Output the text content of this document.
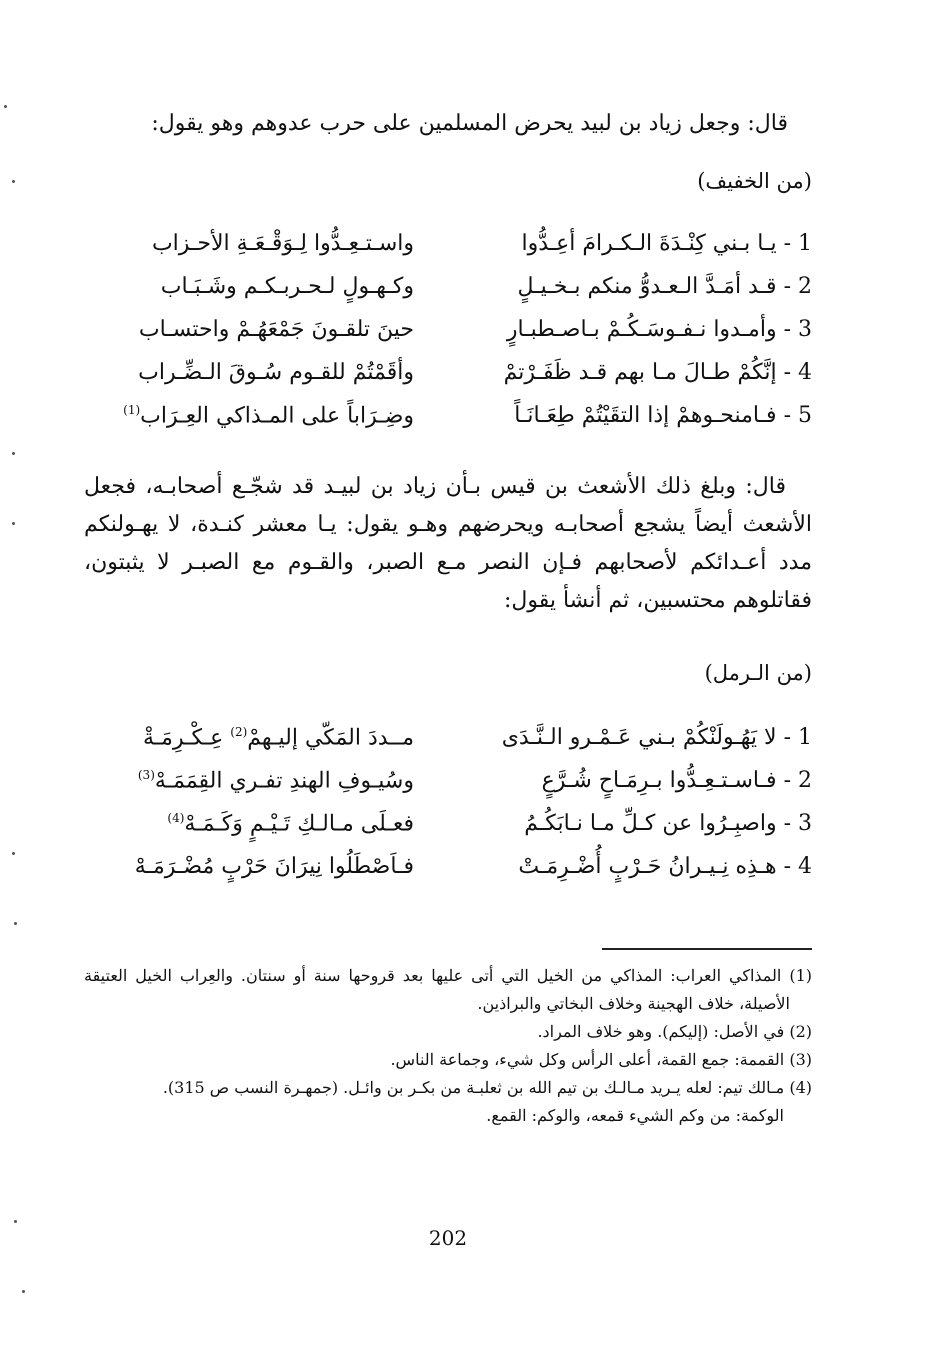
قال: وجعل زياد بن لبيد يحرض المسلمين على حرب عدوهم وهو يقول:

(من الخفيف)

1 - يـا بـني كِنْـدَةَ الـكـرامَ أعِـدُّوا
واسـتـعِـدُّوا لِـوَقْـعَـةِ الأحـزاب
2 - قـد أمَـدَّ الـعـدوُّ منكم بـخـيـلٍ
وكـهـولٍ لـحـربـكـم وشَـبَـاب
3 - وأمـدوا نـفـوسَـكُـمْ بـاصـطبـارٍ
حينَ تلقـونَ جَمْعَهُـمْ واحتسـاب
4 - إنَّكُمْ طـالَ مـا بهم قـد ظَفَـرْتمْ
وأقَمْتُمْ للقـوم سُـوقَ الـضِّـراب
5 - فـامنحـوهمْ إذا التقَيْتُمْ طِعَـانَـاً
وضِـرَاباً على المـذاكي العِـرَاب$^{(1)}$

قال: وبلغ ذلك الأشعث بن قيس بـأن زياد بن لبيـد قد شجّـع أصحابـه، فجعل الأشعث أيضاً يشجع أصحابـه ويحرضهم وهـو يقول: يـا معشر كنـدة، لا يهـولنكم مدد أعـدائكم لأصحابهم فـإن النصر مـع الصبر، والقـوم مع الصبـر لا يثبتون، فقاتلوهم محتسبين، ثم أنشأ يقول:

(من الـرمل)

1 - لا يَهُـولَنْكُمْ بـني عَـمْـرو الـنَّـدَى
مــددَ المَكّي إليـهمْ$^{(2)}$ عِـكْـرِمَـةْ
2 - فـاسـتـعِـدُّوا بـرِمَـاحٍ شُـرَّعٍ
وسُيـوفِ الهندِ تفـري القِمَمَـهْ$^{(3)}$
3 - واصبِـرُوا عن كـلِّ مـا نـابَكُـمُ
فعـلَى مـالـكِ تَـيْـمٍ وَكَـمَـهْ$^{(4)}$
4 - هـذِه نِـيـرانُ حَـرْبٍ أُضْـرِمَـتْ
فـاَصْطَلُوا نِيرَانَ حَرْبٍ مُضْـرَمَـهْ
(1) المذاكي العراب: المذاكي من الخيل التي أتى عليها بعد قروحها سنة أو سنتان. والعِراب الخيل العتيقة الأصيلة، خلاف الهجينة وخلاف البخاتي والبراذين.
(2) في الأصل: (إليكم). وهو خلاف المراد.
(3) القممة: جمع القمة، أعلى الرأس وكل شيء، وجماعة الناس.
(4) مـالك تيم: لعله يـريد مـالـك بن تيم الله بن ثعلبـة من بكـر بن وائـل. (جمهـرة النسب ص 315).
الوكمة: من وكم الشيء قمعه، والوكم: القمع.
202
